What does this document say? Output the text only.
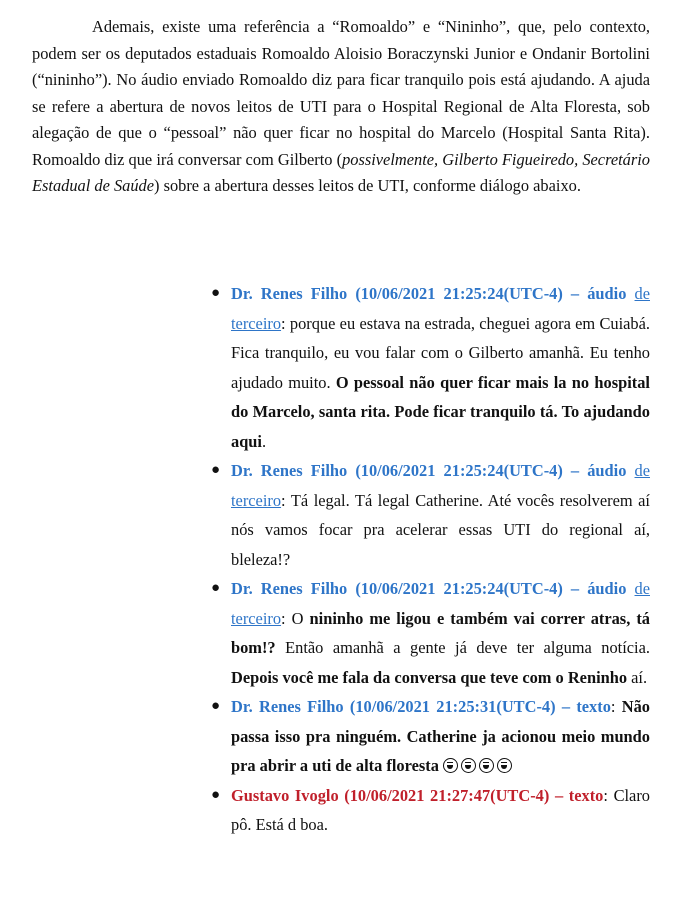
Ademais, existe uma referência a “Romoaldo” e “Nininho”, que, pelo contexto, podem ser os deputados estaduais Romoaldo Aloisio Boraczynski Junior e Ondanir Bortolini (“nininho”). No áudio enviado Romoaldo diz para ficar tranquilo pois está ajudando. A ajuda se refere a abertura de novos leitos de UTI para o Hospital Regional de Alta Floresta, sob alegação de que o “pessoal” não quer ficar no hospital do Marcelo (Hospital Santa Rita). Romoaldo diz que irá conversar com Gilberto (possivelmente, Gilberto Figueiredo, Secretário Estadual de Saúde) sobre a abertura desses leitos de UTI, conforme diálogo abaixo.

● Dr. Renes Filho (10/06/2021 21:25:24(UTC-4) – áudio de terceiro: porque eu estava na estrada, cheguei agora em Cuiabá. Fica tranquilo, eu vou falar com o Gilberto amanhã. Eu tenho ajudado muito. O pessoal não quer ficar mais la no hospital do Marcelo, santa rita. Pode ficar tranquilo tá. To ajudando aqui.
● Dr. Renes Filho (10/06/2021 21:25:24(UTC-4) – áudio de terceiro: Tá legal. Tá legal Catherine. Até vocês resolverem aí nós vamos focar pra acelerar essas UTI do regional aí, bleleza!?
● Dr. Renes Filho (10/06/2021 21:25:24(UTC-4) – áudio de terceiro: O nininho me ligou e também vai correr atras, tá bom!? Então amanhã a gente já deve ter alguma notícia. Depois você me fala da conversa que teve com o Reninho aí.
● Dr. Renes Filho (10/06/2021 21:25:31(UTC-4) – texto: Não passa isso pra ninguém. Catherine ja acionou meio mundo pra abrir a uti de alta floresta
● Gustavo Ivoglo (10/06/2021 21:27:47(UTC-4) – texto: Claro pô. Está d boa.
